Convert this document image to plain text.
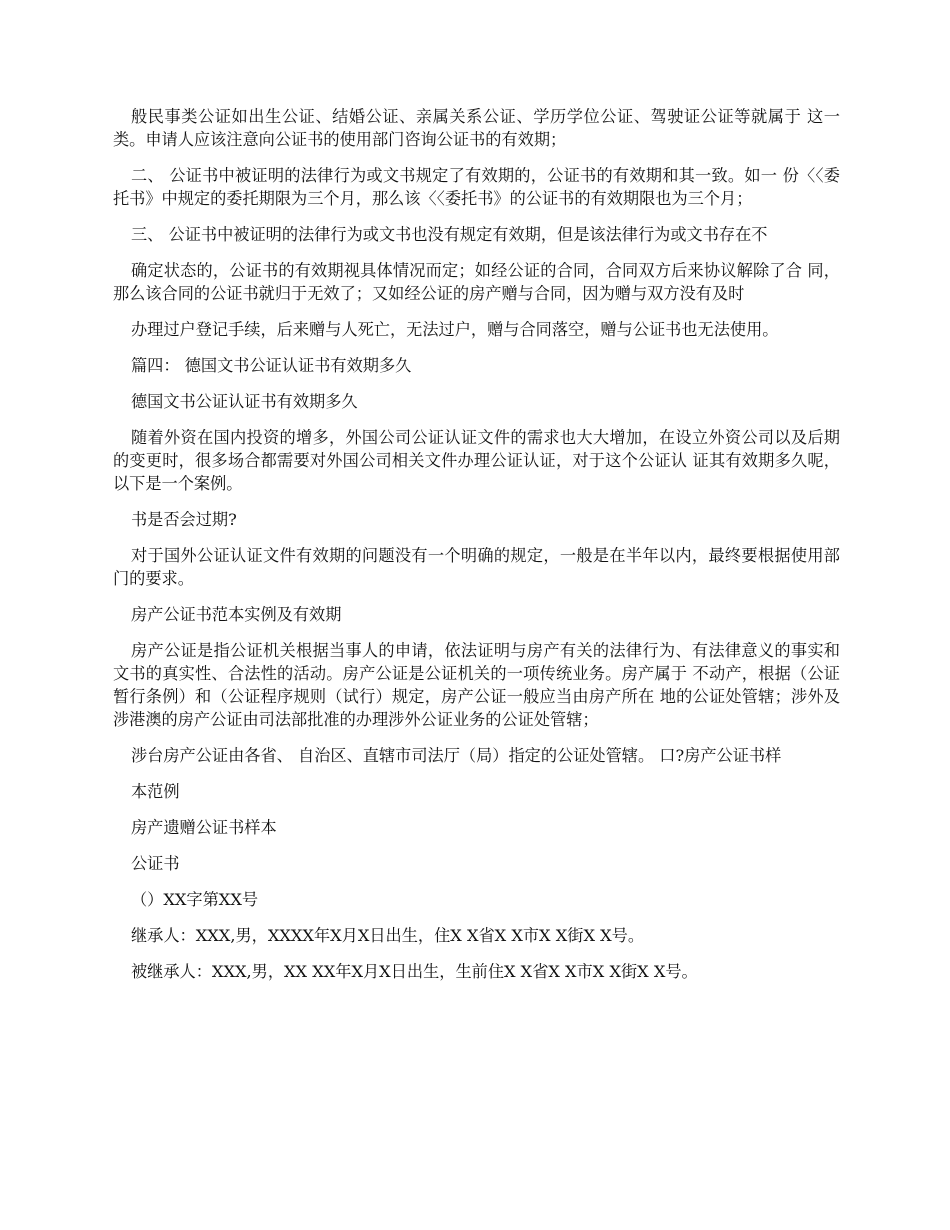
般民事类公证如出生公证、结婚公证、亲属关系公证、学历学位公证、驾驶证公证等就属于 这一类。申请人应该注意向公证书的使用部门咨询公证书的有效期；

二、 公证书中被证明的法律行为或文书规定了有效期的，公证书的有效期和其一致。如一 份〈〈委托书》中规定的委托期限为三个月，那么该〈〈委托书》的公证书的有效期限也为三个月；

三、 公证书中被证明的法律行为或文书也没有规定有效期，但是该法律行为或文书存在不

确定状态的，公证书的有效期视具体情况而定；如经公证的合同，合同双方后来协议解除了合 同，那么该合同的公证书就归于无效了；又如经公证的房产赠与合同，因为赠与双方没有及时

办理过户登记手续，后来赠与人死亡，无法过户，赠与合同落空，赠与公证书也无法使用。

篇四： 德国文书公证认证书有效期多久

德国文书公证认证书有效期多久

随着外资在国内投资的增多，外国公司公证认证文件的需求也大大增加，在设立外资公司以及后期的变更时，很多场合都需要对外国公司相关文件办理公证认证，对于这个公证认 证其有效期多久呢，以下是一个案例。

书是否会过期?

对于国外公证认证文件有效期的问题没有一个明确的规定，一般是在半年以内，最终要根据使用部门的要求。

房产公证书范本实例及有效期

房产公证是指公证机关根据当事人的申请，依法证明与房产有关的法律行为、有法律意义的事实和文书的真实性、合法性的活动。房产公证是公证机关的一项传统业务。房产属于 不动产，根据（公证暂行条例）和（公证程序规则（试行）规定，房产公证一般应当由房产所在 地的公证处管辖；涉外及涉港澳的房产公证由司法部批准的办理涉外公证业务的公证处管辖；

涉台房产公证由各省、 自治区、直辖市司法厅（局）指定的公证处管辖。 口?房产公证书样

本范例

房产遗赠公证书样本

公证书

（）XX字第XX号

继承人：XXX,男，XXXX年X月X日出生，住X X省X X市X X街X X号。

被继承人：XXX,男，XX XX年X月X日出生，生前住X X省X X市X X街X X号。
